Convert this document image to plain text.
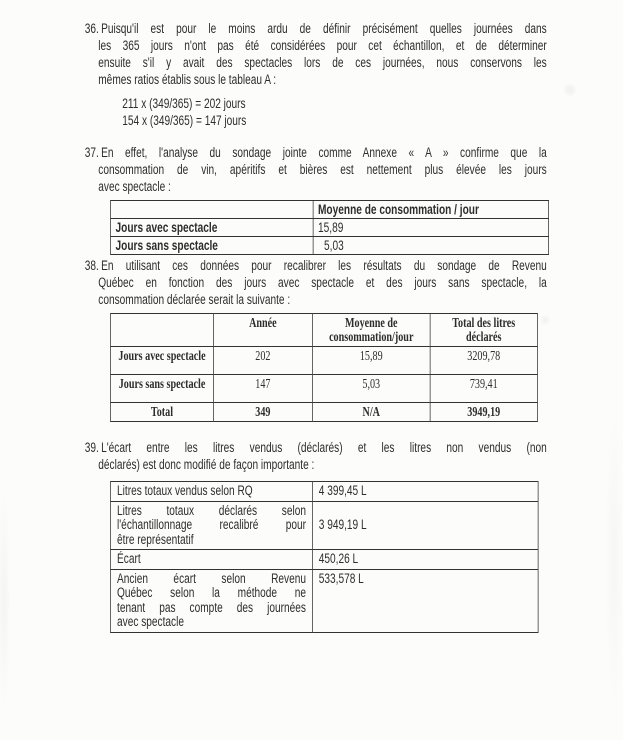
36. Puisqu'il est pour le moins ardu de définir précisément quelles journées dans
les 365 jours n'ont pas été considérées pour cet échantillon, et de déterminer
ensuite s'il y avait des spectacles lors de ces journées, nous conservons les
mêmes ratios établis sous le tableau A :
211 x (349/365) = 202 jours
154 x (349/365) = 147 jours
37. En effet, l'analyse du sondage jointe comme Annexe « A » confirme que la
consommation de vin, apéritifs et bières est nettement plus élevée les jours
avec spectacle :
	Moyenne de consommation / jour
Jours avec spectacle	15,89
Jours sans spectacle	5,03
38. En utilisant ces données pour recalibrer les résultats du sondage de Revenu
Québec en fonction des jours avec spectacle et des jours sans spectacle, la
consommation déclarée serait la suivante :
	Année	Moyenne de consommation/jour	Total des litres déclarés
Jours avec spectacle	202	15,89	3209,78
Jours sans spectacle	147	5,03	739,41
Total	349	N/A	3949,19
39. L'écart entre les litres vendus (déclarés) et les litres non vendus (non
déclarés) est donc modifié de façon importante :
Litres totaux vendus selon RQ	4 399,45 L

Litres totaux déclarés selon
l'échantillonnage recalibré pour
être représentatif	3 949,19 L

Écart	450,26 L

Ancien écart selon Revenu
Québec selon la méthode ne
tenant pas compte des journées
avec spectacle	533,578 L
